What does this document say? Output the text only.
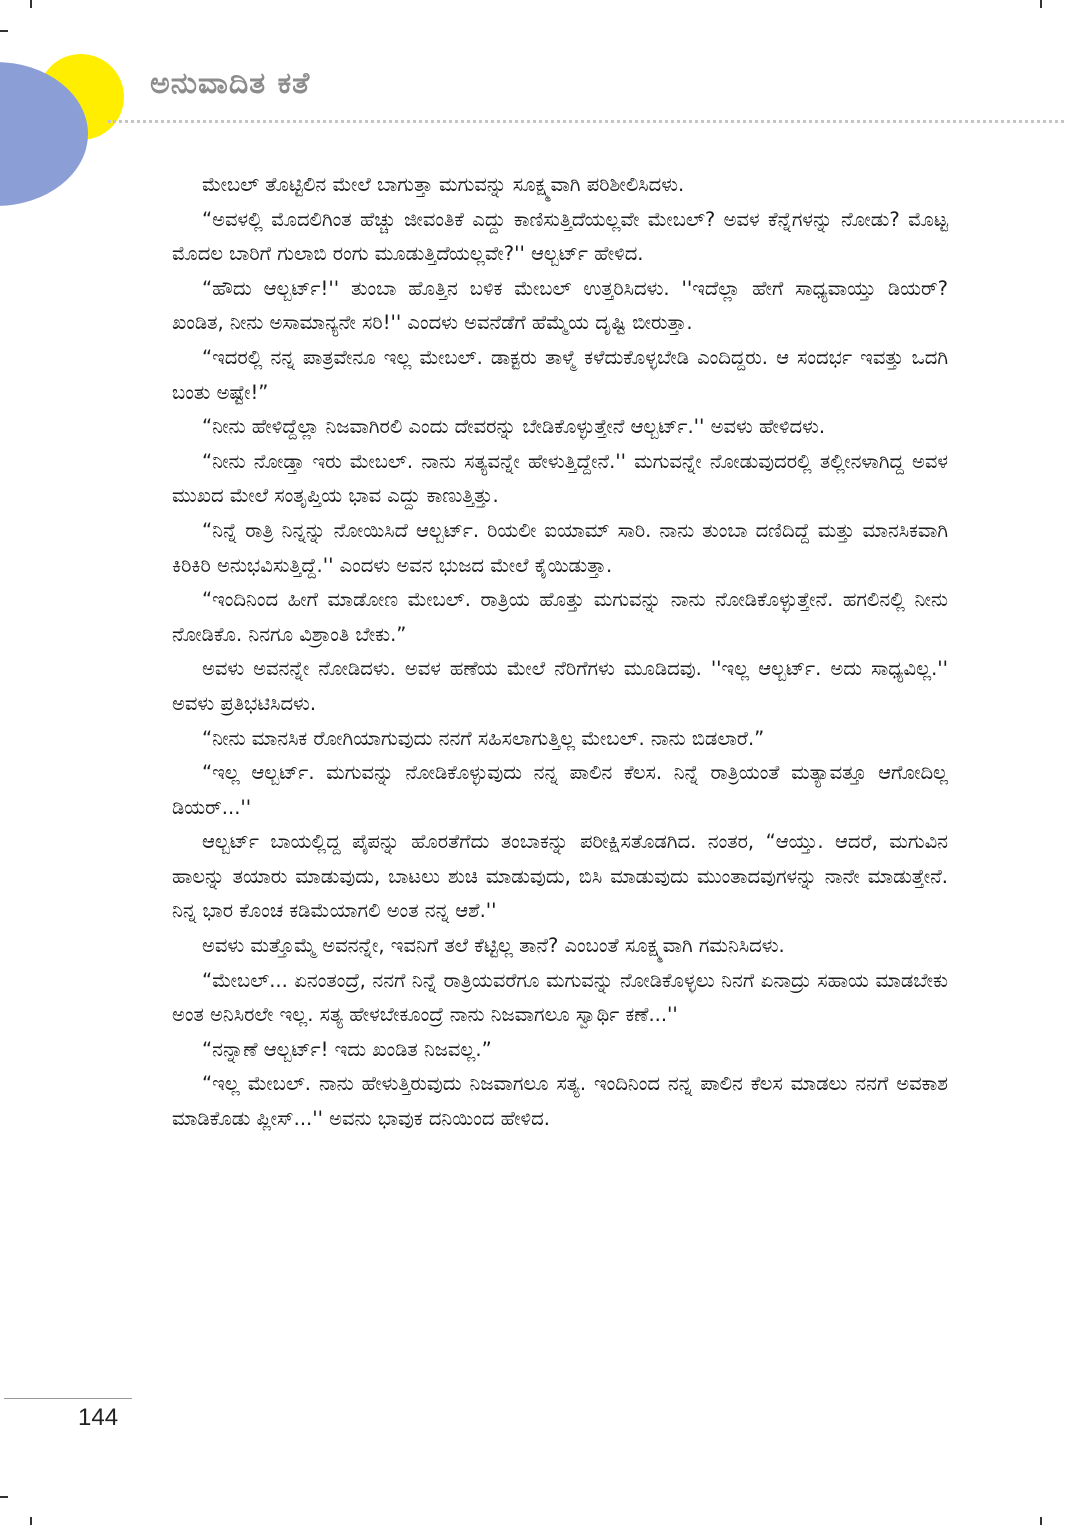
ಅನುವಾದಿತ ಕತೆ

ಮೇಬಲ್ ತೊಟ್ಟಿಲಿನ ಮೇಲೆ ಬಾಗುತ್ತಾ ಮಗುವನ್ನು ಸೂಕ್ಷ್ಮವಾಗಿ ಪರಿಶೀಲಿಸಿದಳು.

“ಅವಳಲ್ಲಿ ಮೊದಲಿಗಿಂತ ಹೆಚ್ಚು ಜೀವಂತಿಕೆ ಎದ್ದು ಕಾಣಿಸುತ್ತಿದೆಯಲ್ಲವೇ ಮೇಬಲ್? ಅವಳ ಕೆನ್ನೆಗಳನ್ನು ನೋಡು? ಮೊಟ್ಟ ಮೊದಲ ಬಾರಿಗೆ ಗುಲಾಬಿ ರಂಗು ಮೂಡುತ್ತಿದೆಯಲ್ಲವೇ?'' ಆಲ್ಬರ್ಟ್ ಹೇಳಿದ.

“ಹೌದು ಆಲ್ಬರ್ಟ್!'' ತುಂಬಾ ಹೊತ್ತಿನ ಬಳಿಕ ಮೇಬಲ್ ಉತ್ತರಿಸಿದಳು. ''ಇದೆಲ್ಲಾ ಹೇಗೆ ಸಾಧ್ಯವಾಯ್ತು ಡಿಯರ್? ಖಂಡಿತ, ನೀನು ಅಸಾಮಾನ್ಯನೇ ಸರಿ!'' ಎಂದಳು ಅವನೆಡೆಗೆ ಹೆಮ್ಮೆಯ ದೃಷ್ಟಿ ಬೀರುತ್ತಾ.

“ಇದರಲ್ಲಿ ನನ್ನ ಪಾತ್ರವೇನೂ ಇಲ್ಲ ಮೇಬಲ್. ಡಾಕ್ಟರು ತಾಳ್ಮೆ ಕಳೆದುಕೊಳ್ಳಬೇಡಿ ಎಂದಿದ್ದರು. ಆ ಸಂದರ್ಭ ಇವತ್ತು ಒದಗಿ ಬಂತು ಅಷ್ಟೇ!”

“ನೀನು ಹೇಳಿದ್ದೆಲ್ಲಾ ನಿಜವಾಗಿರಲಿ ಎಂದು ದೇವರನ್ನು ಬೇಡಿಕೊಳ್ಳುತ್ತೇನೆ ಆಲ್ಬರ್ಟ್.'' ಅವಳು ಹೇಳಿದಳು.

“ನೀನು ನೋಡ್ತಾ ಇರು ಮೇಬಲ್. ನಾನು ಸತ್ಯವನ್ನೇ ಹೇಳುತ್ತಿದ್ದೇನೆ.'' ಮಗುವನ್ನೇ ನೋಡುವುದರಲ್ಲಿ ತಲ್ಲೀನಳಾಗಿದ್ದ ಅವಳ ಮುಖದ ಮೇಲೆ ಸಂತೃಪ್ತಿಯ ಭಾವ ಎದ್ದು ಕಾಣುತ್ತಿತ್ತು.

“ನಿನ್ನೆ ರಾತ್ರಿ ನಿನ್ನನ್ನು ನೋಯಿಸಿದೆ ಆಲ್ಬರ್ಟ್. ರಿಯಲೀ ಐಯಾಮ್ ಸಾರಿ. ನಾನು ತುಂಬಾ ದಣಿದಿದ್ದೆ ಮತ್ತು ಮಾನಸಿಕವಾಗಿ ಕಿರಿಕಿರಿ ಅನುಭವಿಸುತ್ತಿದ್ದೆ.'' ಎಂದಳು ಅವನ ಭುಜದ ಮೇಲೆ ಕೈಯಿಡುತ್ತಾ.

“ಇಂದಿನಿಂದ ಹೀಗೆ ಮಾಡೋಣ ಮೇಬಲ್. ರಾತ್ರಿಯ ಹೊತ್ತು ಮಗುವನ್ನು ನಾನು ನೋಡಿಕೊಳ್ಳುತ್ತೇನೆ. ಹಗಲಿನಲ್ಲಿ ನೀನು ನೋಡಿಕೊ. ನಿನಗೂ ವಿಶ್ರಾಂತಿ ಬೇಕು.”

ಅವಳು ಅವನನ್ನೇ ನೋಡಿದಳು. ಅವಳ ಹಣೆಯ ಮೇಲೆ ನೆರಿಗೆಗಳು ಮೂಡಿದವು. ''ಇಲ್ಲ ಆಲ್ಬರ್ಟ್. ಅದು ಸಾಧ್ಯವಿಲ್ಲ.'' ಅವಳು ಪ್ರತಿಭಟಿಸಿದಳು.

“ನೀನು ಮಾನಸಿಕ ರೋಗಿಯಾಗುವುದು ನನಗೆ ಸಹಿಸಲಾಗುತ್ತಿಲ್ಲ ಮೇಬಲ್. ನಾನು ಬಿಡಲಾರೆ.”

“ಇಲ್ಲ ಆಲ್ಬರ್ಟ್. ಮಗುವನ್ನು ನೋಡಿಕೊಳ್ಳುವುದು ನನ್ನ ಪಾಲಿನ ಕೆಲಸ. ನಿನ್ನೆ ರಾತ್ರಿಯಂತೆ ಮತ್ಯಾವತ್ತೂ ಆಗೋದಿಲ್ಲ ಡಿಯರ್...''

ಆಲ್ಬರ್ಟ್ ಬಾಯಲ್ಲಿದ್ದ ಪೈಪನ್ನು ಹೊರತೆಗೆದು ತಂಬಾಕನ್ನು ಪರೀಕ್ಷಿಸತೊಡಗಿದ. ನಂತರ, “ಆಯ್ತು. ಆದರೆ, ಮಗುವಿನ ಹಾಲನ್ನು ತಯಾರು ಮಾಡುವುದು, ಬಾಟಲು ಶುಚಿ ಮಾಡುವುದು, ಬಿಸಿ ಮಾಡುವುದು ಮುಂತಾದವುಗಳನ್ನು ನಾನೇ ಮಾಡುತ್ತೇನೆ. ನಿನ್ನ ಭಾರ ಕೊಂಚ ಕಡಿಮೆಯಾಗಲಿ ಅಂತ ನನ್ನ ಆಶೆ.''

ಅವಳು ಮತ್ತೊಮ್ಮೆ ಅವನನ್ನೇ, ಇವನಿಗೆ ತಲೆ ಕೆಟ್ಟಿಲ್ಲ ತಾನೆ? ಎಂಬಂತೆ ಸೂಕ್ಷ್ಮವಾಗಿ ಗಮನಿಸಿದಳು.

“ಮೇಬಲ್... ಏನಂತಂದ್ರೆ, ನನಗೆ ನಿನ್ನೆ ರಾತ್ರಿಯವರೆಗೂ ಮಗುವನ್ನು ನೋಡಿಕೊಳ್ಳಲು ನಿನಗೆ ಏನಾದ್ರು ಸಹಾಯ ಮಾಡಬೇಕು ಅಂತ ಅನಿಸಿರಲೇ ಇಲ್ಲ. ಸತ್ಯ ಹೇಳಬೇಕೂಂದ್ರೆ ನಾನು ನಿಜವಾಗಲೂ ಸ್ವಾರ್ಥಿ ಕಣೆ...''

“ನನ್ನಾಣೆ ಆಲ್ಬರ್ಟ್! ಇದು ಖಂಡಿತ ನಿಜವಲ್ಲ.”

“ಇಲ್ಲ ಮೇಬಲ್. ನಾನು ಹೇಳುತ್ತಿರುವುದು ನಿಜವಾಗಲೂ ಸತ್ಯ. ಇಂದಿನಿಂದ ನನ್ನ ಪಾಲಿನ ಕೆಲಸ ಮಾಡಲು ನನಗೆ ಅವಕಾಶ ಮಾಡಿಕೊಡು ಪ್ಲೀಸ್...'' ಅವನು ಭಾವುಕ ದನಿಯಿಂದ ಹೇಳಿದ.

144
